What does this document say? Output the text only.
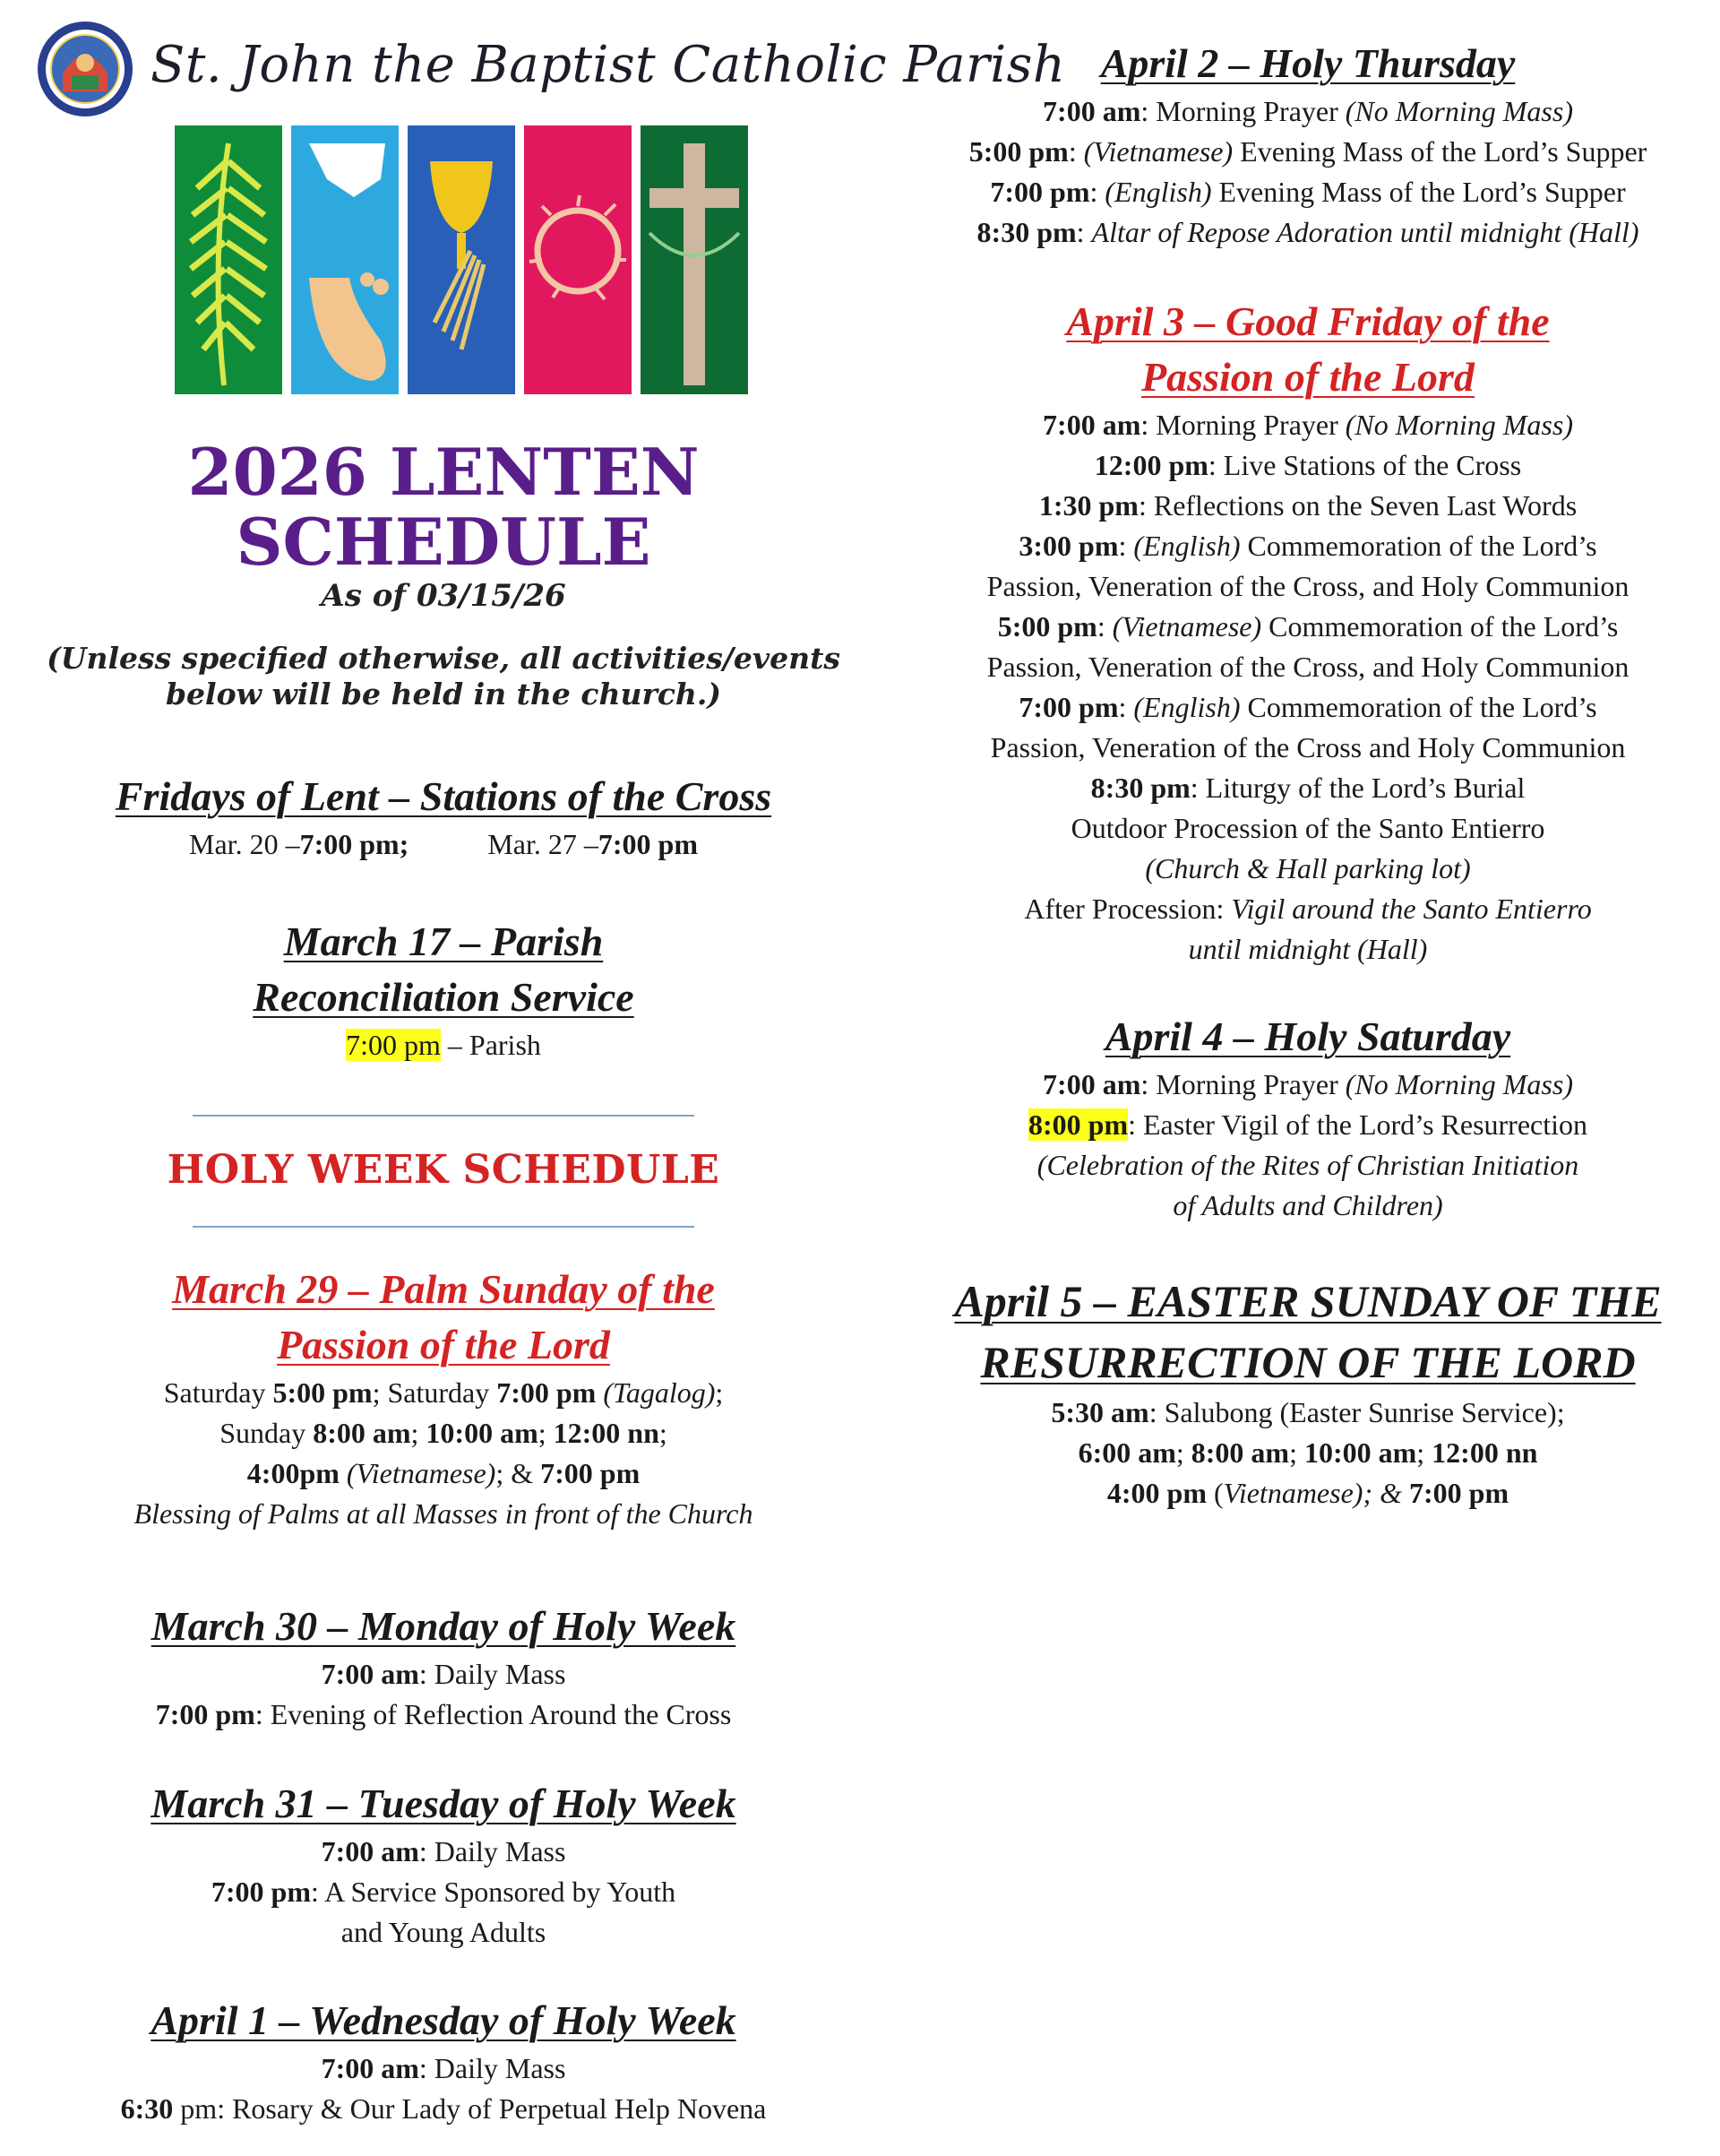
St. John the Baptist Catholic Parish
2026 LENTEN
SCHEDULE
As of 03/15/26
(Unless specified otherwise, all activities/events
below will be held in the church.)
Fridays of Lent – Stations of the Cross
Mar. 20 –7:00 pm;	Mar. 27 –7:00 pm
March 17 – Parish
Reconciliation Service
7:00 pm – Parish
HOLY WEEK SCHEDULE
March 29 – Palm Sunday of the
Passion of the Lord
Saturday 5:00 pm; Saturday 7:00 pm (Tagalog);
Sunday 8:00 am; 10:00 am; 12:00 nn;
4:00pm (Vietnamese); & 7:00 pm
Blessing of Palms at all Masses in front of the Church
March 30 – Monday of Holy Week
7:00 am: Daily Mass
7:00 pm: Evening of Reflection Around the Cross
March 31 – Tuesday of Holy Week
7:00 am: Daily Mass
7:00 pm: A Service Sponsored by Youth
and Young Adults
April 1 – Wednesday of Holy Week
7:00 am: Daily Mass
6:30 pm: Rosary & Our Lady of Perpetual Help Novena
April 2 – Holy Thursday
7:00 am: Morning Prayer (No Morning Mass)
5:00 pm: (Vietnamese) Evening Mass of the Lord’s Supper
7:00 pm: (English) Evening Mass of the Lord’s Supper
8:30 pm: Altar of Repose Adoration until midnight (Hall)
April 3 – Good Friday of the
Passion of the Lord
7:00 am: Morning Prayer (No Morning Mass)
12:00 pm: Live Stations of the Cross
1:30 pm: Reflections on the Seven Last Words
3:00 pm: (English) Commemoration of the Lord’s
Passion, Veneration of the Cross, and Holy Communion
5:00 pm: (Vietnamese) Commemoration of the Lord’s
Passion, Veneration of the Cross, and Holy Communion
7:00 pm: (English) Commemoration of the Lord’s
Passion, Veneration of the Cross and Holy Communion
8:30 pm: Liturgy of the Lord’s Burial
Outdoor Procession of the Santo Entierro
(Church & Hall parking lot)
After Procession: Vigil around the Santo Entierro
until midnight (Hall)
April 4 – Holy Saturday
7:00 am: Morning Prayer (No Morning Mass)
8:00 pm: Easter Vigil of the Lord’s Resurrection
(Celebration of the Rites of Christian Initiation
of Adults and Children)
April 5 – EASTER SUNDAY OF THE
RESURRECTION OF THE LORD
5:30 am: Salubong (Easter Sunrise Service);
6:00 am; 8:00 am; 10:00 am; 12:00 nn
4:00 pm (Vietnamese); & 7:00 pm
